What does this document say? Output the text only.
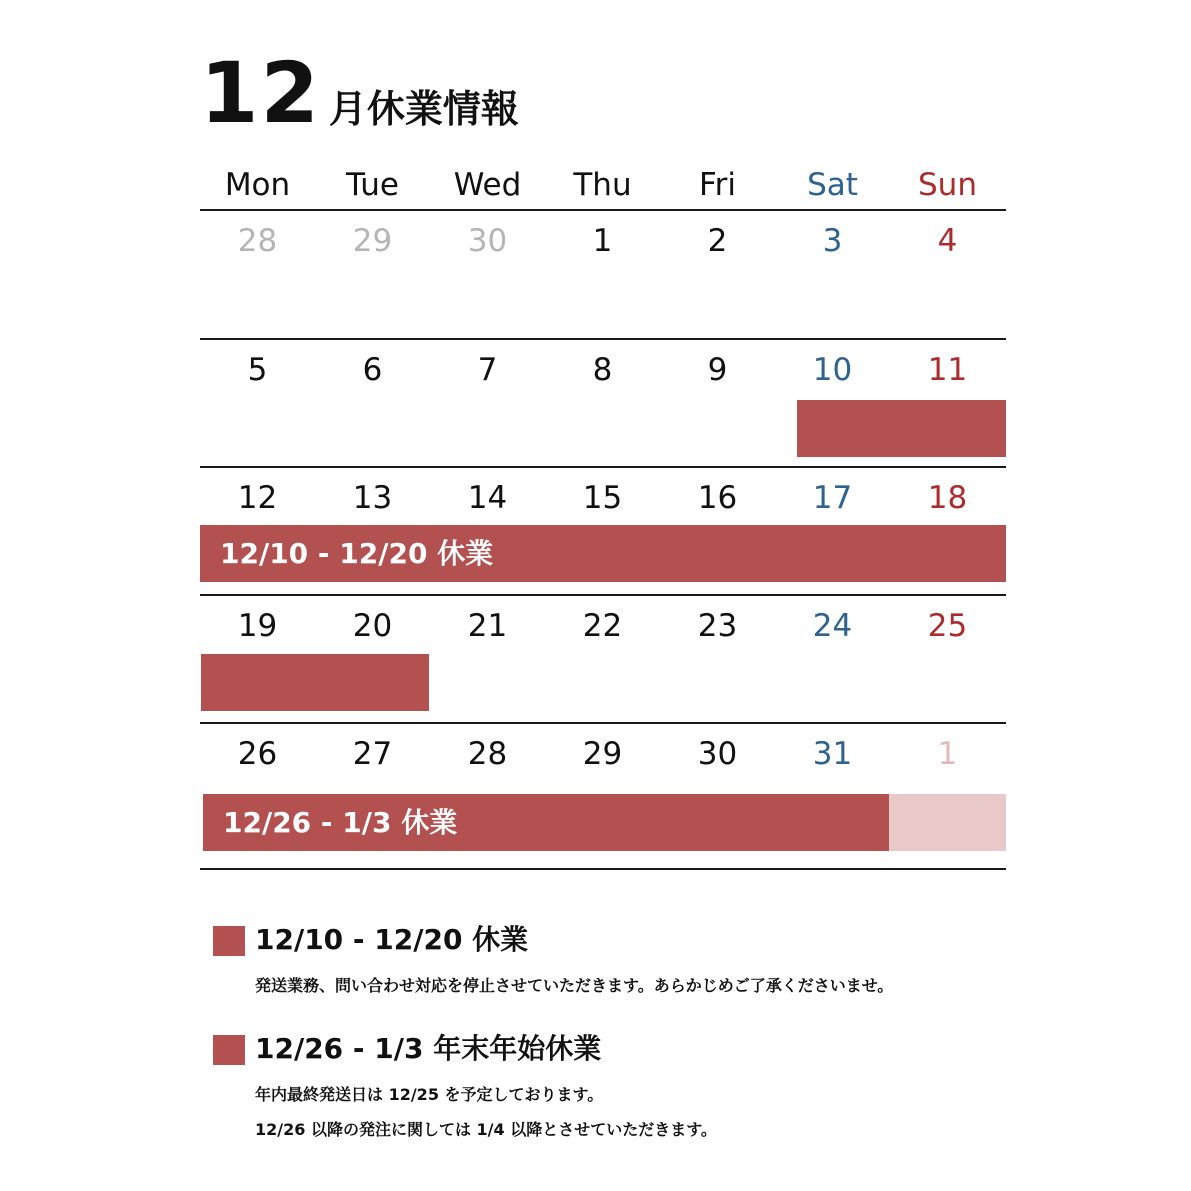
12 月休業情報
Mon	Tue	Wed	Thu	Fri	Sat	Sun
28	29	30	1	2	3	4
5	6	7	8	9	10	11
12	13	14	15	16	17	18
12/10 - 12/20 休業
19	20	21	22	23	24	25
26	27	28	29	30	31	1
12/26 - 1/3 休業
12/10 - 12/20 休業
発送業務、問い合わせ対応を停止させていただきます。あらかじめご了承くださいませ。
12/26 - 1/3 年末年始休業
年内最終発送日は 12/25 を予定しております。
12/26 以降の発注に関しては 1/4 以降とさせていただきます。
